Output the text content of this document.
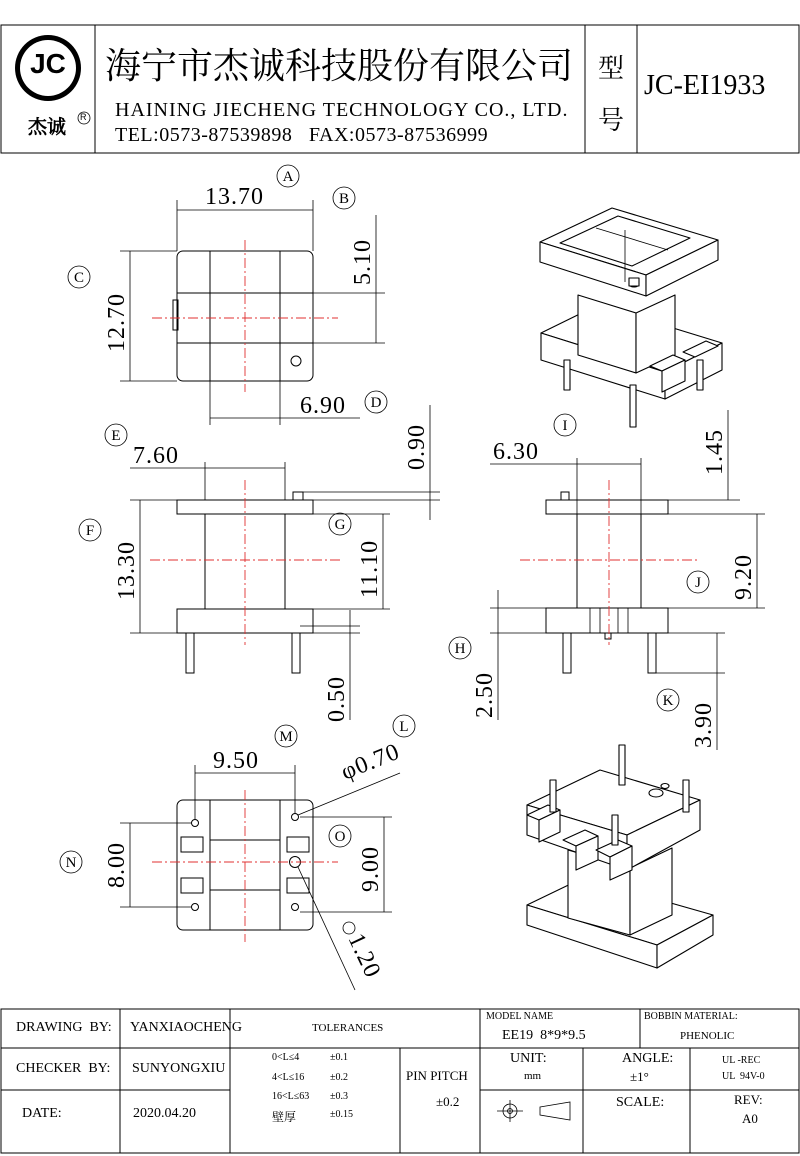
JC
杰诚 R
海宁市杰诚科技股份有限公司
HAINING JIECHENG TECHNOLOGY CO., LTD.
TEL:0573-87539898   FAX:0573-87536999
型
号
JC-EI1933
A
B
C
D
E
F	G
I
J
H
K
M
L
N
O
13.70
5.10
12.70
6.90
0.90
7.60
13.30	11.10
0.50
6.30	1.45
9.20
2.50
3.90
9.50	φ0.70
8.00	9.00
1.20
DRAWING  BY: YANXIAOCHENG
CHECKER  BY: SUNYONGXIU
DATE:	2020.04.20
TOLERANCES
0<L≤4	±0.1
4<L≤16	±0.2
16<L≤63 ±0.3
壁厚	±0.15
PIN PITCH
±0.2
MODEL NAME
EE19  8*9*9.5
BOBBIN MATERIAL:
PHENOLIC
UNIT:
mm
ANGLE:
±1°
UL -REC
UL  94V-0
SCALE:	REV:
A0
